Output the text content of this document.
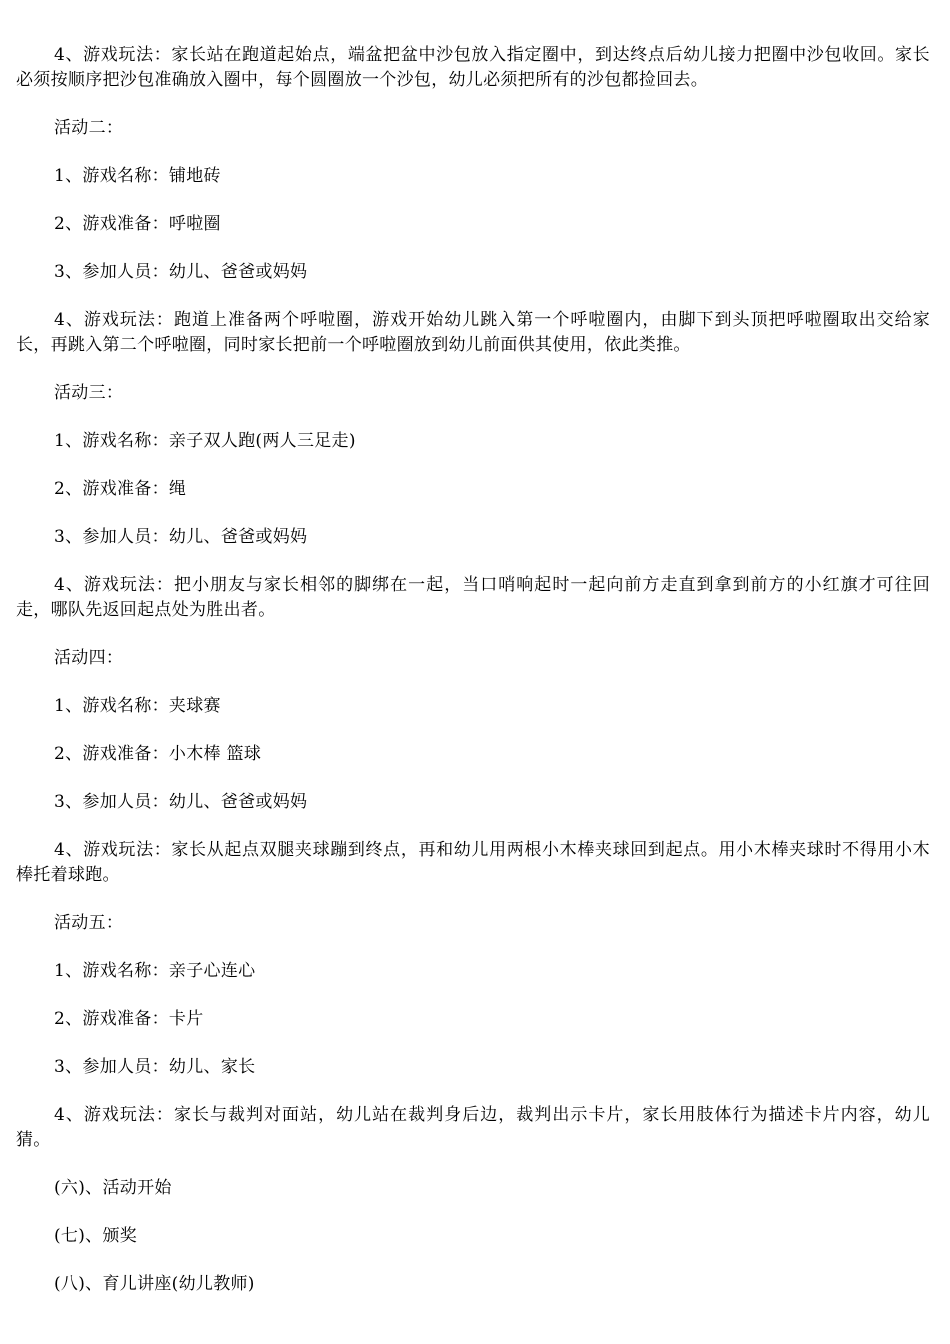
4、游戏玩法：家长站在跑道起始点，端盆把盆中沙包放入指定圈中，到达终点后幼儿接力把圈中沙包收回。家长必须按顺序把沙包准确放入圈中，每个圆圈放一个沙包，幼儿必须把所有的沙包都捡回去。

活动二：

1、游戏名称：铺地砖

2、游戏准备：呼啦圈

3、参加人员：幼儿、爸爸或妈妈

4、游戏玩法：跑道上准备两个呼啦圈，游戏开始幼儿跳入第一个呼啦圈内，由脚下到头顶把呼啦圈取出交给家长，再跳入第二个呼啦圈，同时家长把前一个呼啦圈放到幼儿前面供其使用，依此类推。

活动三：

1、游戏名称：亲子双人跑(两人三足走)

2、游戏准备：绳

3、参加人员：幼儿、爸爸或妈妈

4、游戏玩法：把小朋友与家长相邻的脚绑在一起，当口哨响起时一起向前方走直到拿到前方的小红旗才可往回走，哪队先返回起点处为胜出者。

活动四：

1、游戏名称：夹球赛

2、游戏准备：小木棒 篮球

3、参加人员：幼儿、爸爸或妈妈

4、游戏玩法：家长从起点双腿夹球蹦到终点，再和幼儿用两根小木棒夹球回到起点。用小木棒夹球时不得用小木棒托着球跑。

活动五：

1、游戏名称：亲子心连心

2、游戏准备：卡片

3、参加人员：幼儿、家长

4、游戏玩法：家长与裁判对面站，幼儿站在裁判身后边，裁判出示卡片，家长用肢体行为描述卡片内容，幼儿猜。

(六)、活动开始

(七)、颁奖

(八)、育儿讲座(幼儿教师)
